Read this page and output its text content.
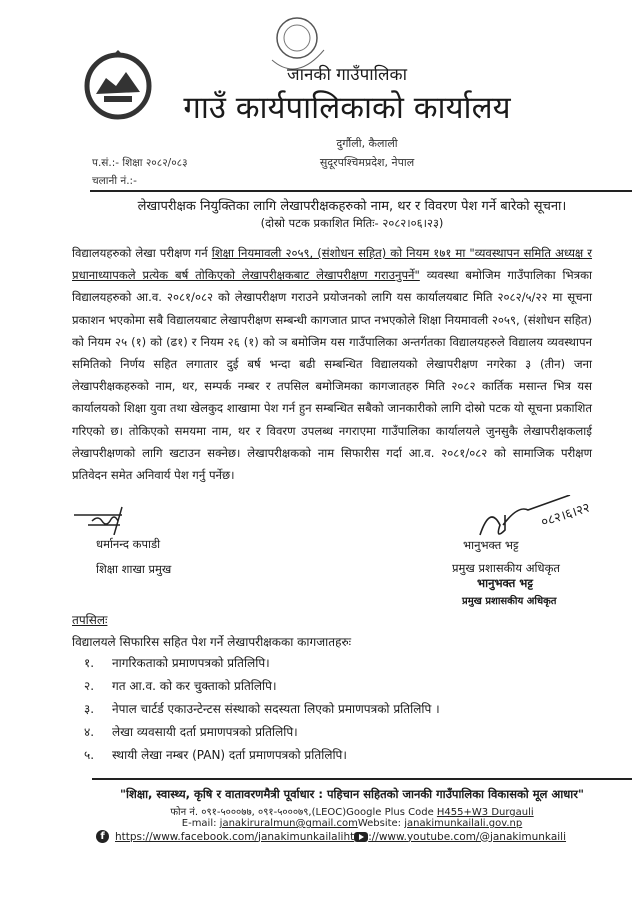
जानकी गाउँपालिका
गाउँ कार्यपालिकाको कार्यालय
दुर्गौली, कैलाली
सुदूरपश्चिमप्रदेश, नेपाल
प.सं.:- शिक्षा २०८२/०८३
चलानी नं.:-
लेखापरीक्षक नियुक्तिका लागि लेखापरीक्षकहरुको नाम, थर र विवरण पेश गर्ने बारेको सूचना।
(दोस्रो पटक प्रकाशित मितिः- २०८२।०६।२३)
विद्यालयहरुको लेखा परीक्षण गर्न शिक्षा नियमावली २०५९, (संशोधन सहित) को नियम १७१ मा "व्यवस्थापन समिति अध्यक्ष र प्रधानाध्यापकले प्रत्येक बर्ष तोकिएको लेखापरीक्षकबाट लेखापरीक्षण गराउनुपर्ने" व्यवस्था बमोजिम गाउँपालिका भित्रका विद्यालयहरुको आ.व. २०८१/०८२ को लेखापरीक्षण गराउने प्रयोजनको लागि यस कार्यालयबाट मिति २०८२/५/२२ मा सूचना प्रकाशन भएकोमा सबै विद्यालयबाट लेखापरीक्षण सम्बन्धी कागजात प्राप्त नभएकोले शिक्षा नियमावली २०५९, (संशोधन सहित) को नियम २५ (१) को (ढ१) र नियम २६ (१) को ञ बमोजिम यस गाउँपालिका अन्तर्गतका विद्यालयहरुले विद्यालय व्यवस्थापन समितिको निर्णय सहित लगातार दुई बर्ष भन्दा बढी सम्बन्धित विद्यालयको लेखापरीक्षण नगरेका ३ (तीन) जना लेखापरीक्षकहरुको नाम, थर, सम्पर्क नम्बर र तपसिल बमोजिमका कागजातहरु मिति २०८२ कार्तिक मसान्त भित्र यस कार्यालयको शिक्षा युवा तथा खेलकुद शाखामा पेश गर्न हुन सम्बन्धित सबैको जानकारीको लागि दोस्रो पटक यो सूचना प्रकाशित गरिएको छ। तोकिएको समयमा नाम, थर र विवरण उपलब्ध नगराएमा गाउँपालिका कार्यालयले जुनसुकै लेखापरीक्षकलाई लेखापरीक्षणको लागि खटाउन सक्नेछ। लेखापरीक्षकको नाम सिफारीस गर्दा आ.व. २०८१/०८२ को सामाजिक परीक्षण प्रतिवेदन समेत अनिवार्य पेश गर्नु पर्नेछ।
धर्मानन्द कपाडी
शिक्षा शाखा प्रमुख
०८२।६।२२
भानुभक्त भट्ट
प्रमुख प्रशासकीय अधिकृत
भानुभक्त भट्ट
प्रमुख प्रशासकीय अधिकृत
तपसिलः
विद्यालयले सिफारिस सहित पेश गर्ने लेखापरीक्षकका कागजातहरुः
१. नागरिकताको प्रमाणपत्रको प्रतिलिपि।
२. गत आ.व. को कर चुक्ताको प्रतिलिपि।
३. नेपाल चार्टर्ड एकाउन्टेन्टस संस्थाको सदस्यता लिएको प्रमाणपत्रको प्रतिलिपि ।
४. लेखा व्यवसायी दर्ता प्रमाणपत्रको प्रतिलिपि।
५. स्थायी लेखा नम्बर (PAN) दर्ता प्रमाणपत्रको प्रतिलिपि।
"शिक्षा, स्वास्थ्य, कृषि र वातावरणमैत्री पूर्वाधार : पहिचान सहितको जानकी गाउँपालिका विकासको मूल आधार"
फोन नं. ०९१-५०००७७, ०९१-५०००७९,(LEOC)Google Plus Code H455+W3 Durgauli
E-mail: janakiruralmun@gmail.comWebsite: janakimunkailali.gov.np
f https://www.facebook.com/janakimunkailaliht ://www.youtube.com/@janakimunkaili
